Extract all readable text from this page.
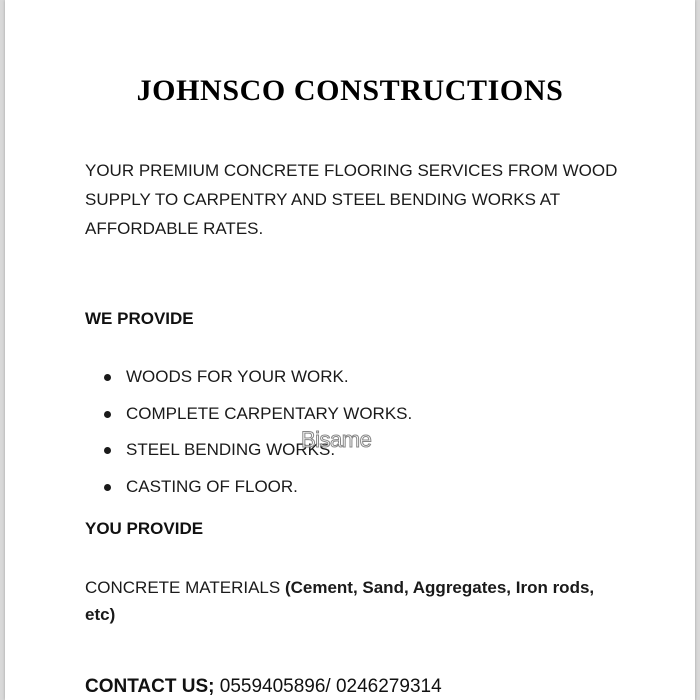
JOHNSCO CONSTRUCTIONS

YOUR PREMIUM CONCRETE FLOORING SERVICES FROM WOOD SUPPLY TO CARPENTRY AND STEEL BENDING WORKS AT AFFORDABLE RATES.

WE PROVIDE
WOODS FOR YOUR WORK.
COMPLETE CARPENTARY WORKS.
STEEL BENDING WORKS.
CASTING OF FLOOR.
YOU PROVIDE

CONCRETE MATERIALS (Cement, Sand, Aggregates, Iron rods, etc)

CONTACT US; 0559405896/ 0246279314

Bisame
